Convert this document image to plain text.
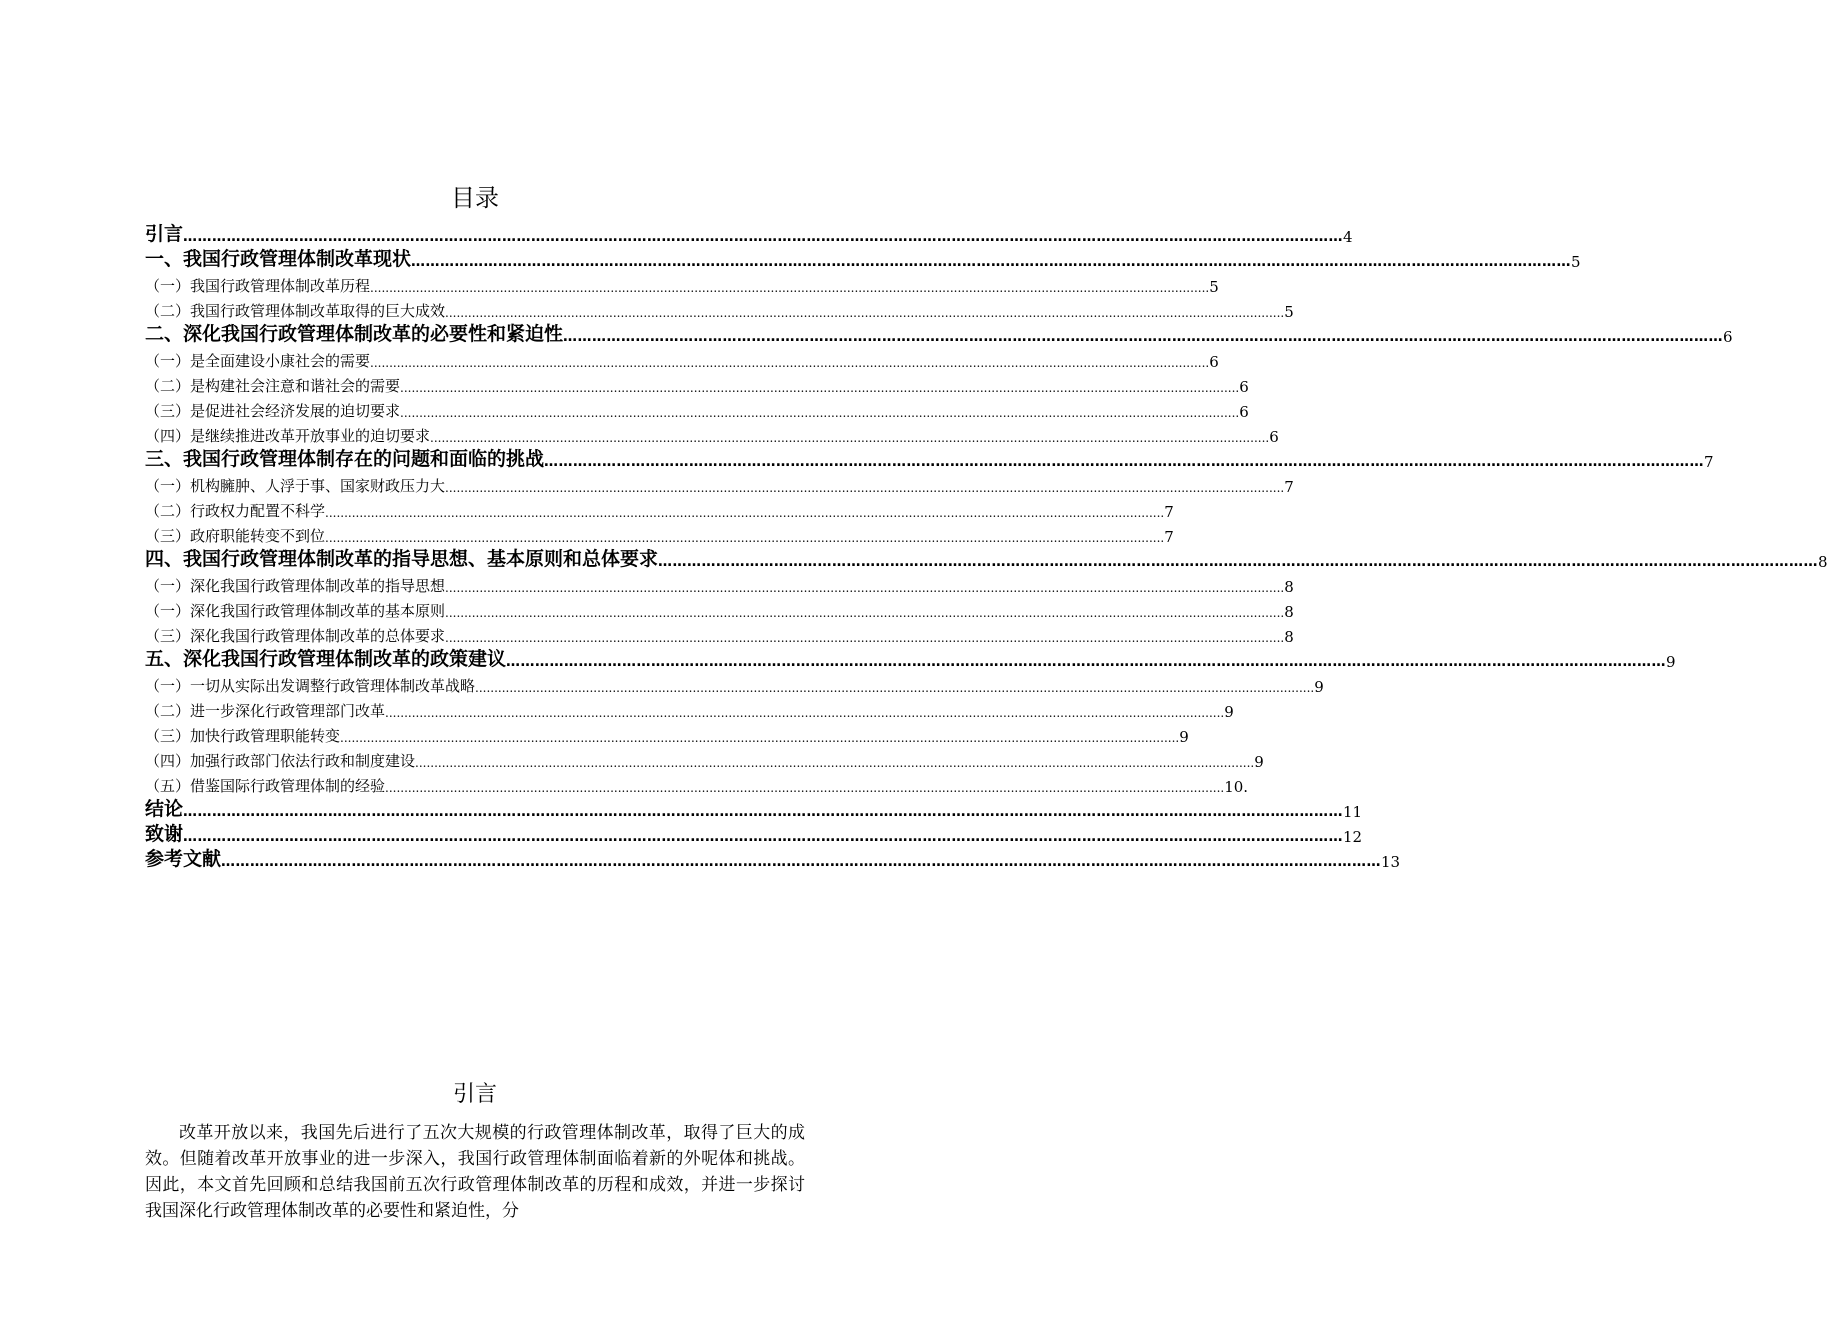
目录
引言 …………………………………………………………………………………………………………………………………………………………………………………………………………………… 4
一、我国行政管理体制改革现状 …………………………………………………………………………………………………………………………………………………………………………………………………………………… 5
（一）我国行政管理体制改革历程 ............................................................................................................................................................................................................................ 5
（二）我国行政管理体制改革取得的巨大成效 ............................................................................................................................................................................................................................ 5
二、深化我国行政管理体制改革的必要性和紧迫性 …………………………………………………………………………………………………………………………………………………………………………………………………………………… 6
（一）是全面建设小康社会的需要 ............................................................................................................................................................................................................................ 6
（二）是构建社会注意和谐社会的需要 ............................................................................................................................................................................................................................ 6
（三）是促进社会经济发展的迫切要求 ............................................................................................................................................................................................................................ 6
（四）是继续推进改革开放事业的迫切要求 ............................................................................................................................................................................................................................ 6
三、我国行政管理体制存在的问题和面临的挑战 …………………………………………………………………………………………………………………………………………………………………………………………………………………… 7
（一）机构臃肿、人浮于事、国家财政压力大 ............................................................................................................................................................................................................................ 7
（二）行政权力配置不科学 ............................................................................................................................................................................................................................ 7
（三）政府职能转变不到位 ............................................................................................................................................................................................................................ 7
四、我国行政管理体制改革的指导思想、基本原则和总体要求 …………………………………………………………………………………………………………………………………………………………………………………………………………………… 8
（一）深化我国行政管理体制改革的指导思想 ............................................................................................................................................................................................................................ 8
（一）深化我国行政管理体制改革的基本原则 ............................................................................................................................................................................................................................ 8
（三）深化我国行政管理体制改革的总体要求 ............................................................................................................................................................................................................................ 8
五、深化我国行政管理体制改革的政策建议 …………………………………………………………………………………………………………………………………………………………………………………………………………………… 9
（一）一切从实际出发调整行政管理体制改革战略 ............................................................................................................................................................................................................................ 9
（二）进一步深化行政管理部门改革 ............................................................................................................................................................................................................................ 9
（三）加快行政管理职能转变 ............................................................................................................................................................................................................................ 9
（四）加强行政部门依法行政和制度建设 ............................................................................................................................................................................................................................ 9
（五）借鉴国际行政管理体制的经验 ............................................................................................................................................................................................................................ 10.
结论 …………………………………………………………………………………………………………………………………………………………………………………………………………………… 11
致谢 …………………………………………………………………………………………………………………………………………………………………………………………………………………… 12
参考文献 …………………………………………………………………………………………………………………………………………………………………………………………………………………… 13
引言

改革开放以来，我国先后进行了五次大规模的行政管理体制改革，取得了巨大的成效。但随着改革开放事业的进一步深入，我国行政管理体制面临着新的外呢体和挑战。因此，本文首先回顾和总结我国前五次行政管理体制改革的历程和成效，并进一步探讨我国深化行政管理体制改革的必要性和紧迫性，分
